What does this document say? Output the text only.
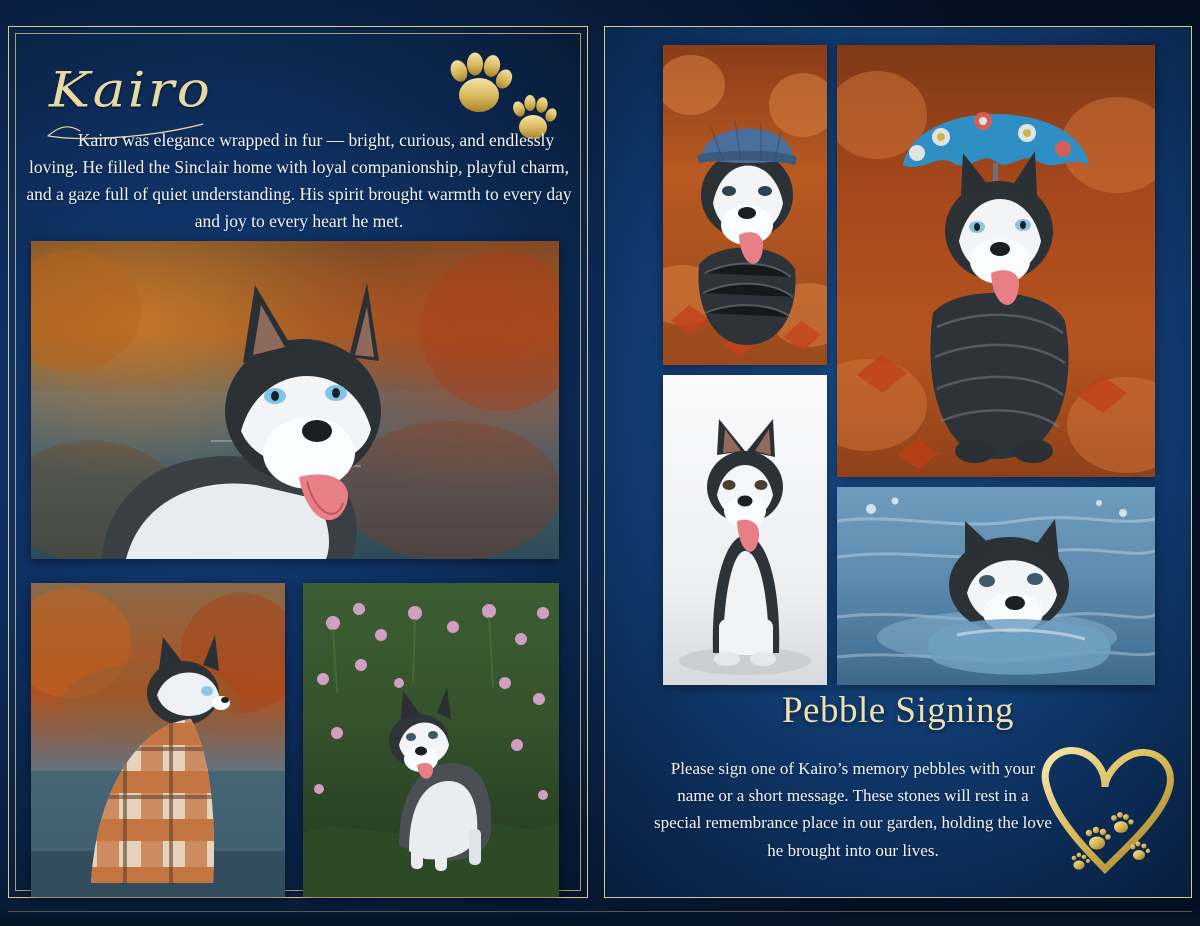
Kairo
Kairo was elegance wrapped in fur — bright, curious, and endlessly loving. He filled the Sinclair home with loyal companionship, playful charm, and a gaze full of quiet understanding. His spirit brought warmth to every day and joy to every heart he met.
Pebble Signing
Please sign one of Kairo’s memory pebbles with your name or a short message. These stones will rest in a special remembrance place in our garden, holding the love he brought into our lives.
